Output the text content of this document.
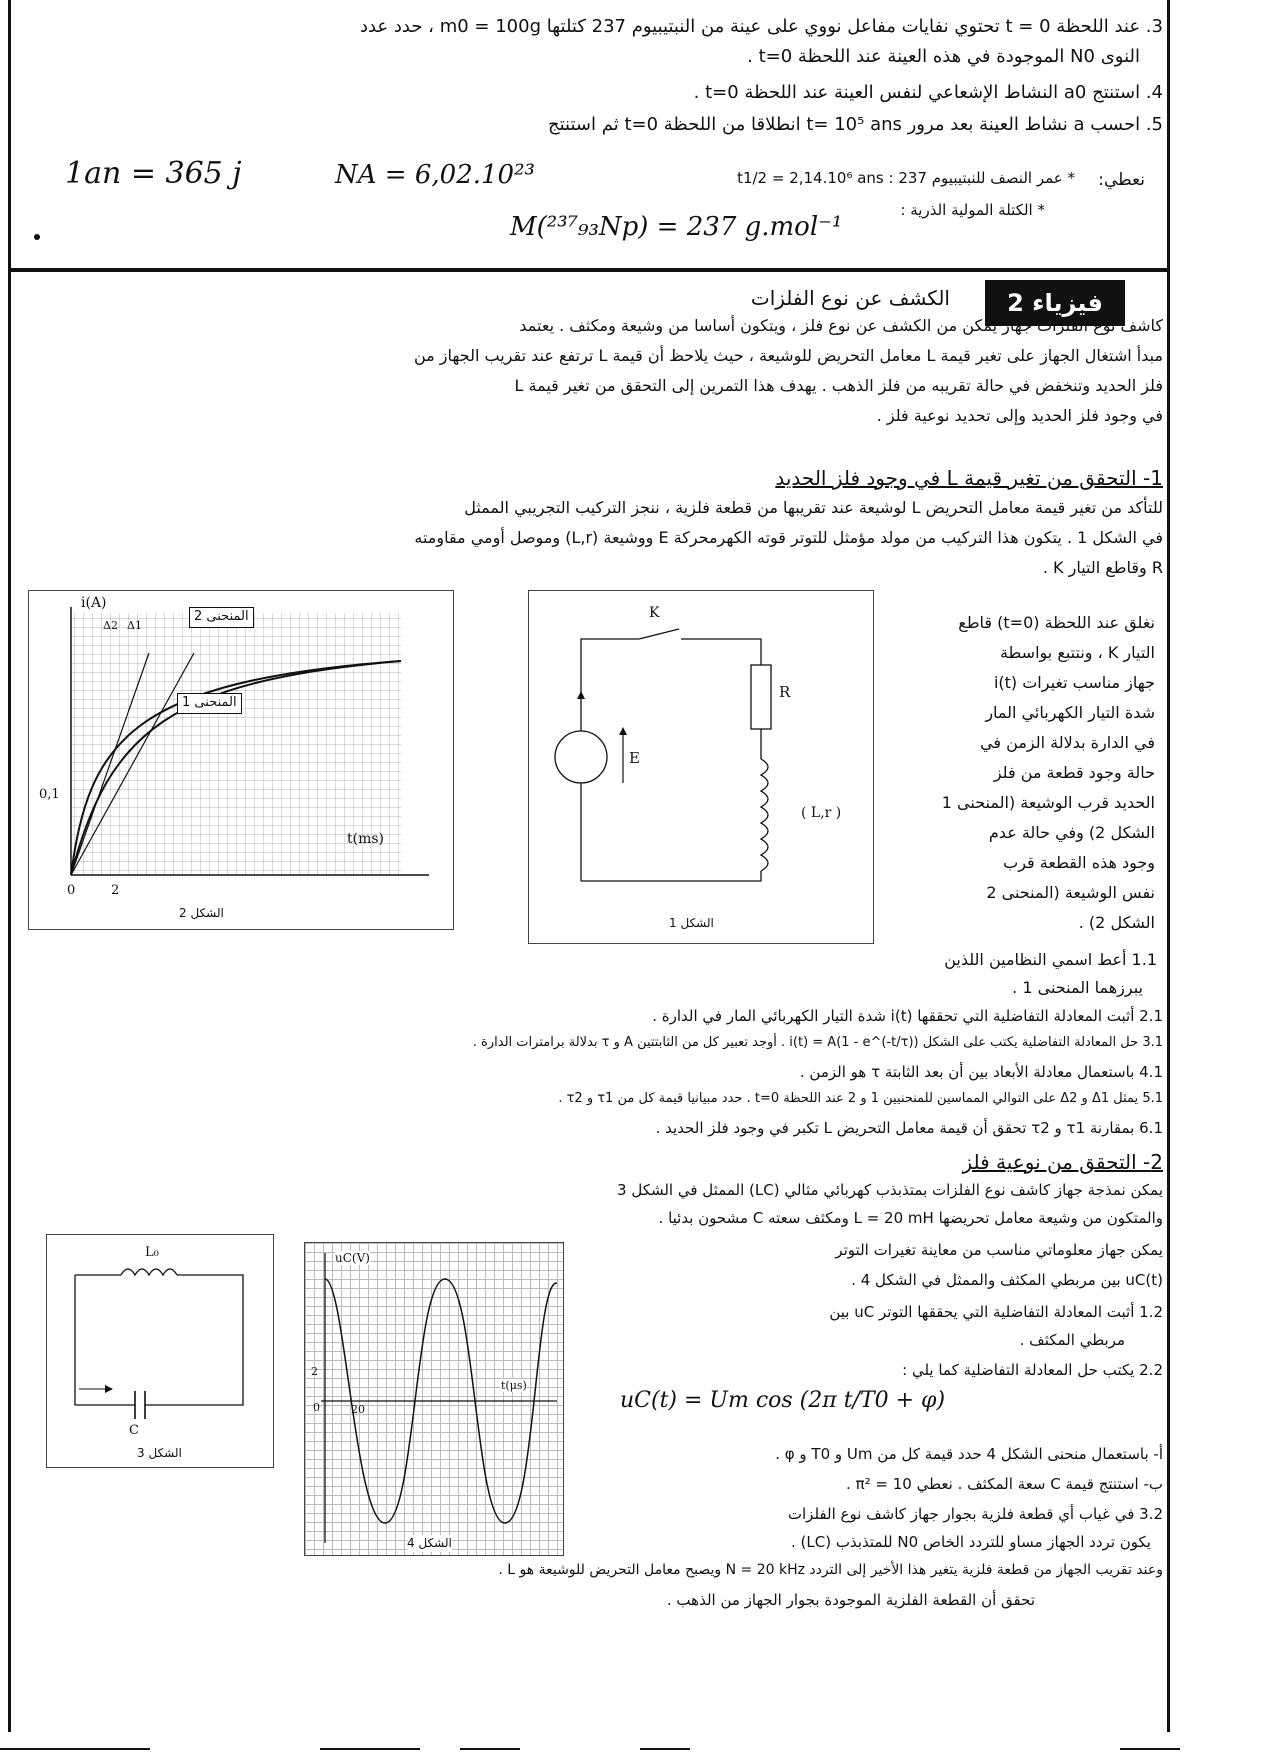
3. عند اللحظة t = 0 تحتوي نفايات مفاعل نووي على عينة من النبتيبيوم 237 كتلتها m0 = 100g ، حدد عدد
النوى N0 الموجودة في هذه العينة عند اللحظة t=0 .
4. استنتج a0 النشاط الإشعاعي لنفس العينة عند اللحظة t=0 .
5. احسب a نشاط العينة بعد مرور t= 10⁵ ans انطلاقا من اللحظة t=0 ثم استنتج
نعطي:
* عمر النصف للنبتيبيوم 237 : t1/2 = 2,14.10⁶ ans
* الكتلة المولية الذرية :
1an = 365 j	NA = 6,02.10²³
M(²³⁷₉₃Np) = 237 g.mol⁻¹
فيزياء 2
الكشف عن نوع الفلزات
كاشف نوع الفلزات جهاز يمكن من الكشف عن نوع فلز ، ويتكون أساسا من وشيعة ومكثف . يعتمد
مبدأ اشتغال الجهاز على تغير قيمة L معامل التحريض للوشيعة ، حيث يلاحظ أن قيمة L ترتفع عند تقريب الجهاز من
فلز الحديد وتنخفض في حالة تقريبه من فلز الذهب . يهدف هذا التمرين إلى التحقق من تغير قيمة L
في وجود فلز الحديد وإلى تحديد نوعية فلز .
1- التحقق من تغير قيمة L في وجود فلز الحديد
للتأكد من تغير قيمة معامل التحريض L لوشيعة عند تقريبها من قطعة فلزية ، ننجز التركيب التجريبي الممثل
في الشكل 1 . يتكون هذا التركيب من مولد مؤمثل للتوتر قوته الكهرمحركة E ووشيعة (L,r) وموصل أومي مقاومته
R وقاطع التيار K .
نغلق عند اللحظة (t=0) قاطع
التيار K ، ونتتبع بواسطة
جهاز مناسب تغيرات i(t)
شدة التيار الكهربائي المار
في الدارة بدلالة الزمن في
حالة وجود قطعة من فلز
الحديد قرب الوشيعة (المنحنى 1
الشكل 2) وفي حالة عدم
وجود هذه القطعة قرب
نفس الوشيعة (المنحنى 2
الشكل 2) .
i(A)
t(ms)
المنحنى 2
المنحنى 1
Δ2 Δ1
0,1
0	2
الشكل 2
K
R
E
( L,r )
الشكل 1
1.1 أعط اسمي النظامين اللذين
يبرزهما المنحنى 1 .
2.1 أثبت المعادلة التفاضلية التي تحققها i(t) شدة التيار الكهربائي المار في الدارة .
3.1 حل المعادلة التفاضلية يكتب على الشكل i(t) = A(1 - e^(-t/τ)) . أوجد تعبير كل من الثابتتين A و τ بدلالة برامترات الدارة .
4.1 باستعمال معادلة الأبعاد بين أن بعد الثابتة τ هو الزمن .
5.1 يمثل Δ1 و Δ2 على التوالي المماسين للمنحنيين 1 و 2 عند اللحظة t=0 . حدد مبيانيا قيمة كل من τ1 و τ2 .
6.1 بمقارنة τ1 و τ2 تحقق أن قيمة معامل التحريض L تكبر في وجود فلز الحديد .
2- التحقق من نوعية فلز
يمكن نمذجة جهاز كاشف نوع الفلزات بمتذبذب كهربائي مثالي (LC) الممثل في الشكل 3
والمتكون من وشيعة معامل تحريضها L = 20 mH ومكثف سعته C مشحون بدئيا .
يمكن جهاز معلوماتي مناسب من معاينة تغيرات التوتر
uC(t) بين مربطي المكثف والممثل في الشكل 4 .
L₀
C
الشكل 3
uC(V)
t(μs)
2
0	20
الشكل 4
1.2 أثبت المعادلة التفاضلية التي يحققها التوتر uC بين
مربطي المكثف .
2.2 يكتب حل المعادلة التفاضلية كما يلي :
uC(t) = Um cos (2π t/T0 + φ)
أ- باستعمال منحنى الشكل 4 حدد قيمة كل من Um و T0 و φ .
ب- استنتج قيمة C سعة المكثف . نعطي π² = 10 .
3.2 في غياب أي قطعة فلزية بجوار جهاز كاشف نوع الفلزات
يكون تردد الجهاز مساو للتردد الخاص N0 للمتذبذب (LC) .
وعند تقريب الجهاز من قطعة فلزية يتغير هذا الأخير إلى التردد N = 20 kHz ويصبح معامل التحريض للوشيعة هو L .
تحقق أن القطعة الفلزية الموجودة بجوار الجهاز من الذهب .
